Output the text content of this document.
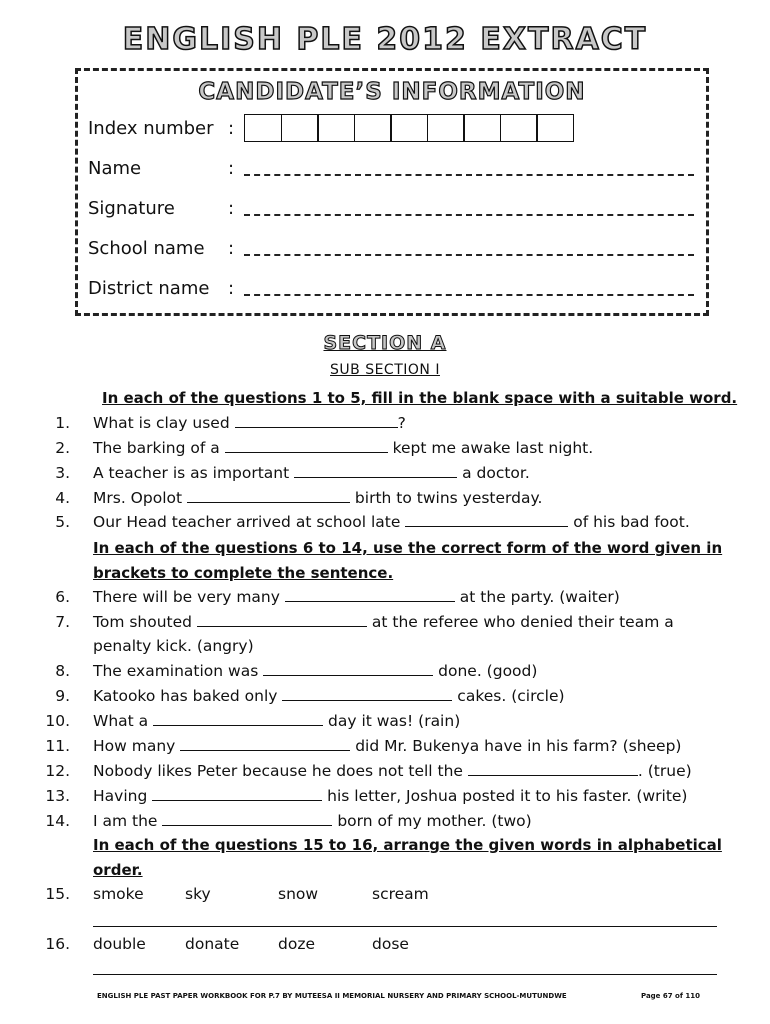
ENGLISH PLE 2012 EXTRACT
CANDIDATE’S INFORMATION
Index number :
Name	:
Signature	:
School name	:
District name	:
SECTION A
SUB SECTION I
In each of the questions 1 to 5, fill in the blank space with a suitable word.
1. What is clay used	?
2. The barking of a	kept me awake last night.
3. A teacher is as important	a doctor.
4. Mrs. Opolot	birth to twins yesterday.
5. Our Head teacher arrived at school late	of his bad foot.
In each of the questions 6 to 14, use the correct form of the word given in
brackets to complete the sentence.
6. There will be very many	at the party. (waiter)
7. Tom shouted	at the referee who denied their team a
penalty kick. (angry)
8. The examination was	done. (good)
9. Katooko has baked only	cakes. (circle)
10. What a	day it was! (rain)
11. How many	did Mr. Bukenya have in his farm? (sheep)
12. Nobody likes Peter because he does not tell the	. (true)
13. Having	his letter, Joshua posted it to his faster. (write)
14. I am the	born of my mother. (two)
In each of the questions 15 to 16, arrange the given words in alphabetical
order.
15. smoke	sky	snow	scream
16. double	donate doze	dose
ENGLISH PLE PAST PAPER WORKBOOK FOR P.7 BY MUTEESA II MEMORIAL NURSERY AND PRIMARY SCHOOL-MUTUNDWE	Page 67 of 110
